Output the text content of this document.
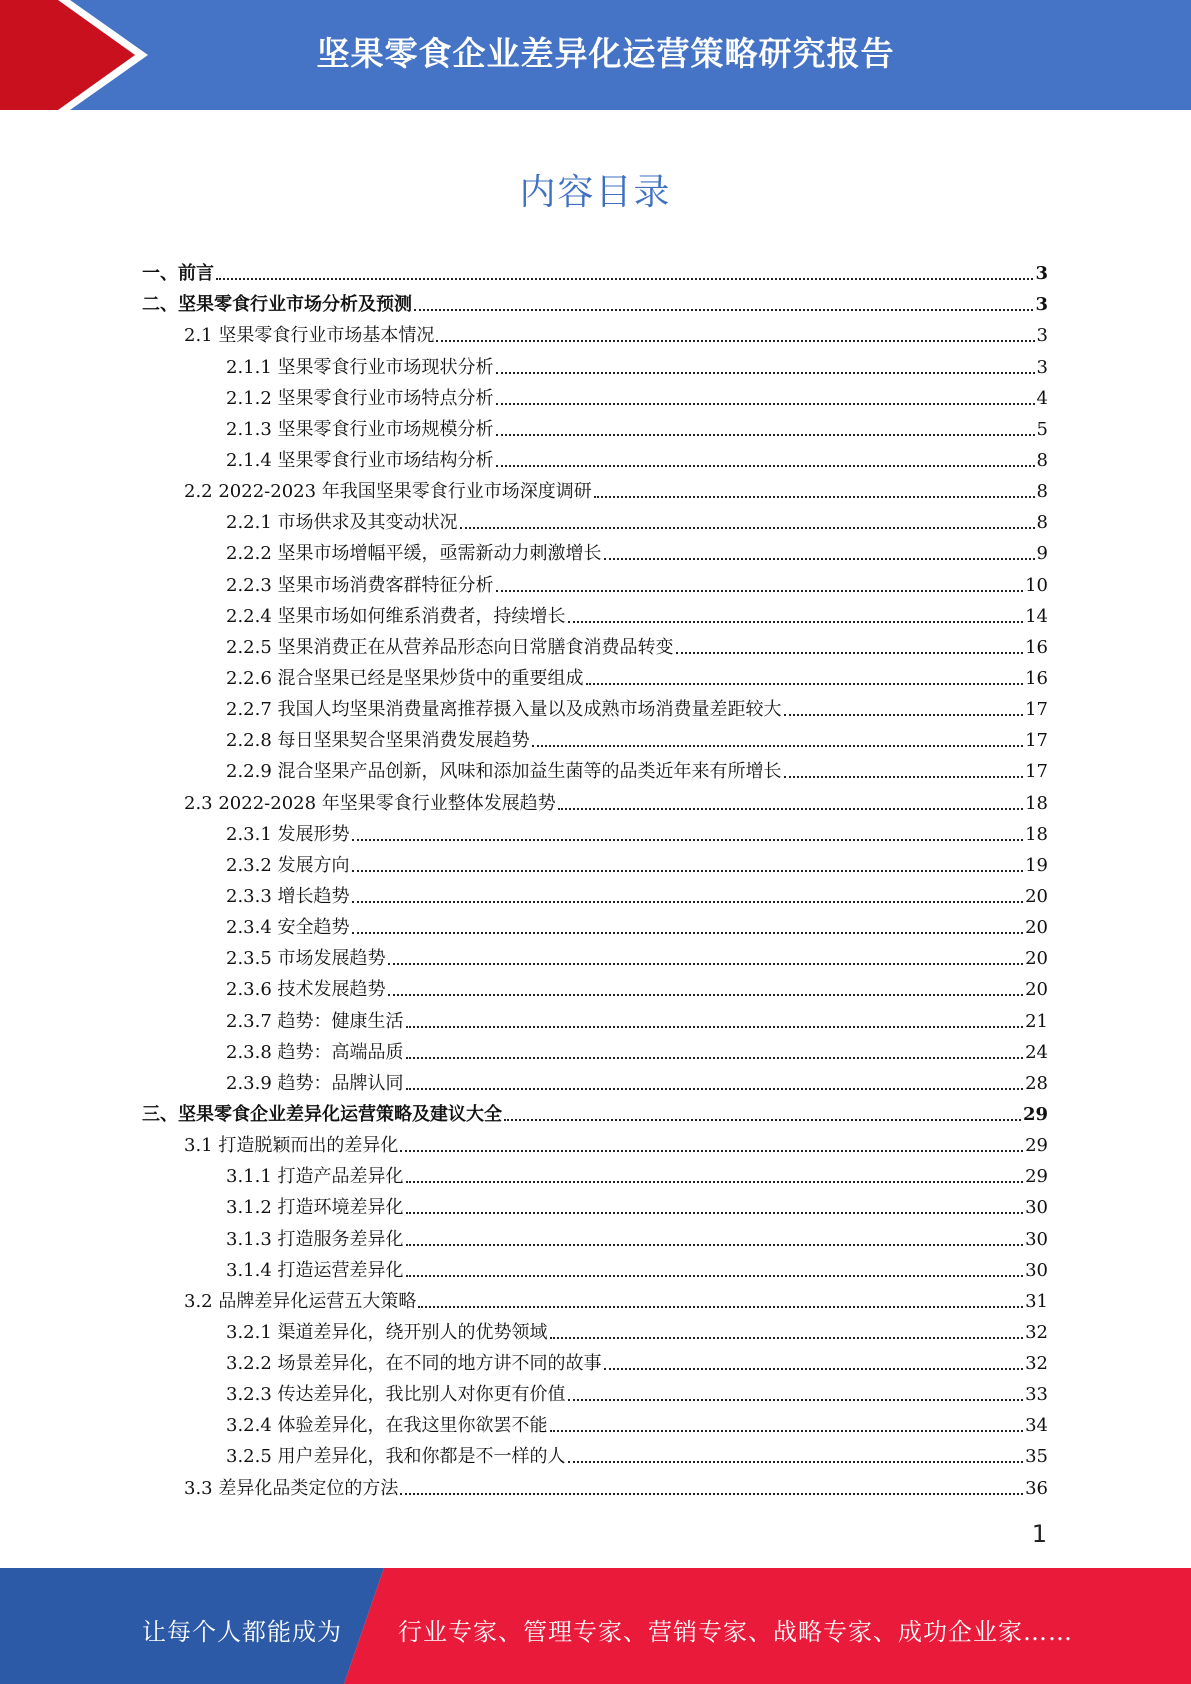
坚果零食企业差异化运营策略研究报告
内容目录
一、前言	3
二、坚果零食行业市场分析及预测	3
2.1 坚果零食行业市场基本情况	3
2.1.1 坚果零食行业市场现状分析	3
2.1.2 坚果零食行业市场特点分析	4
2.1.3 坚果零食行业市场规模分析	5
2.1.4 坚果零食行业市场结构分析	8
2.2 2022-2023 年我国坚果零食行业市场深度调研	8
2.2.1 市场供求及其变动状况	8
2.2.2 坚果市场增幅平缓，亟需新动力刺激增长	9
2.2.3 坚果市场消费客群特征分析	10
2.2.4 坚果市场如何维系消费者，持续增长	14
2.2.5 坚果消费正在从营养品形态向日常膳食消费品转变	16
2.2.6 混合坚果已经是坚果炒货中的重要组成	16
2.2.7 我国人均坚果消费量离推荐摄入量以及成熟市场消费量差距较大	17
2.2.8 每日坚果契合坚果消费发展趋势	17
2.2.9 混合坚果产品创新，风味和添加益生菌等的品类近年来有所增长	17
2.3 2022-2028 年坚果零食行业整体发展趋势	18
2.3.1 发展形势	18
2.3.2 发展方向	19
2.3.3 增长趋势	20
2.3.4 安全趋势	20
2.3.5 市场发展趋势	20
2.3.6 技术发展趋势	20
2.3.7 趋势：健康生活	21
2.3.8 趋势：高端品质	24
2.3.9 趋势：品牌认同	28
三、坚果零食企业差异化运营策略及建议大全	29
3.1 打造脱颖而出的差异化	29
3.1.1 打造产品差异化	29
3.1.2 打造环境差异化	30
3.1.3 打造服务差异化	30
3.1.4 打造运营差异化	30
3.2 品牌差异化运营五大策略	31
3.2.1 渠道差异化，绕开别人的优势领域	32
3.2.2 场景差异化，在不同的地方讲不同的故事	32
3.2.3 传达差异化，我比别人对你更有价值	33
3.2.4 体验差异化，在我这里你欲罢不能	34
3.2.5 用户差异化，我和你都是不一样的人	35
3.3 差异化品类定位的方法	36
1
让每个人都能成为 行业专家、管理专家、营销专家、战略专家、成功企业家……
